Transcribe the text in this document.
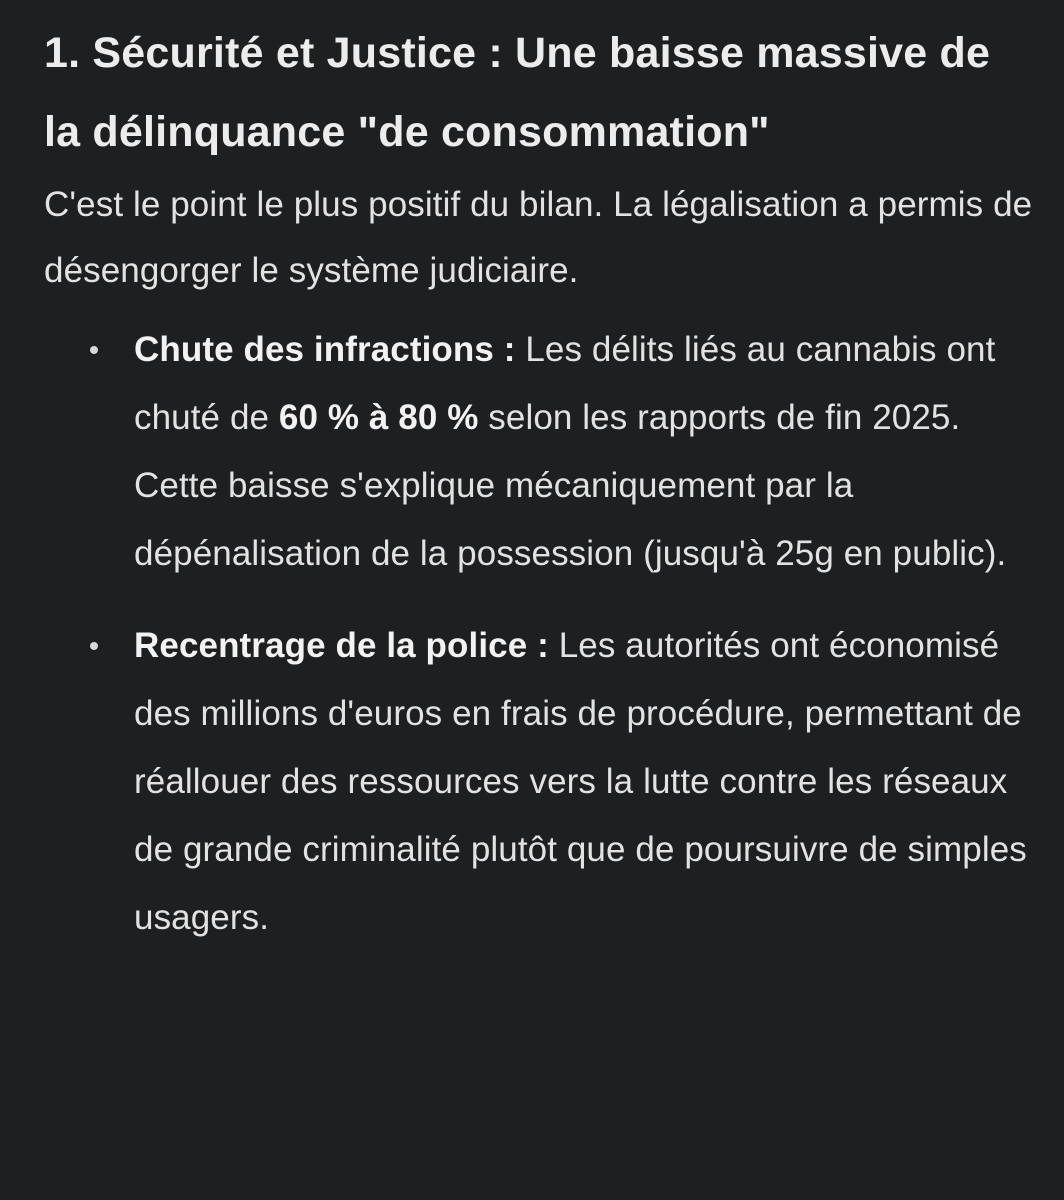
1. Sécurité et Justice : Une baisse massive de la délinquance "de consommation"

C'est le point le plus positif du bilan. La légalisation a permis de désengorger le système judiciaire.

Chute des infractions : Les délits liés au cannabis ont chuté de 60 % à 80 % selon les rapports de fin 2025. Cette baisse s'explique mécaniquement par la dépénalisation de la possession (jusqu'à 25g en public).
Recentrage de la police : Les autorités ont économisé des millions d'euros en frais de procédure, permettant de réallouer des ressources vers la lutte contre les réseaux de grande criminalité plutôt que de poursuivre de simples usagers.
